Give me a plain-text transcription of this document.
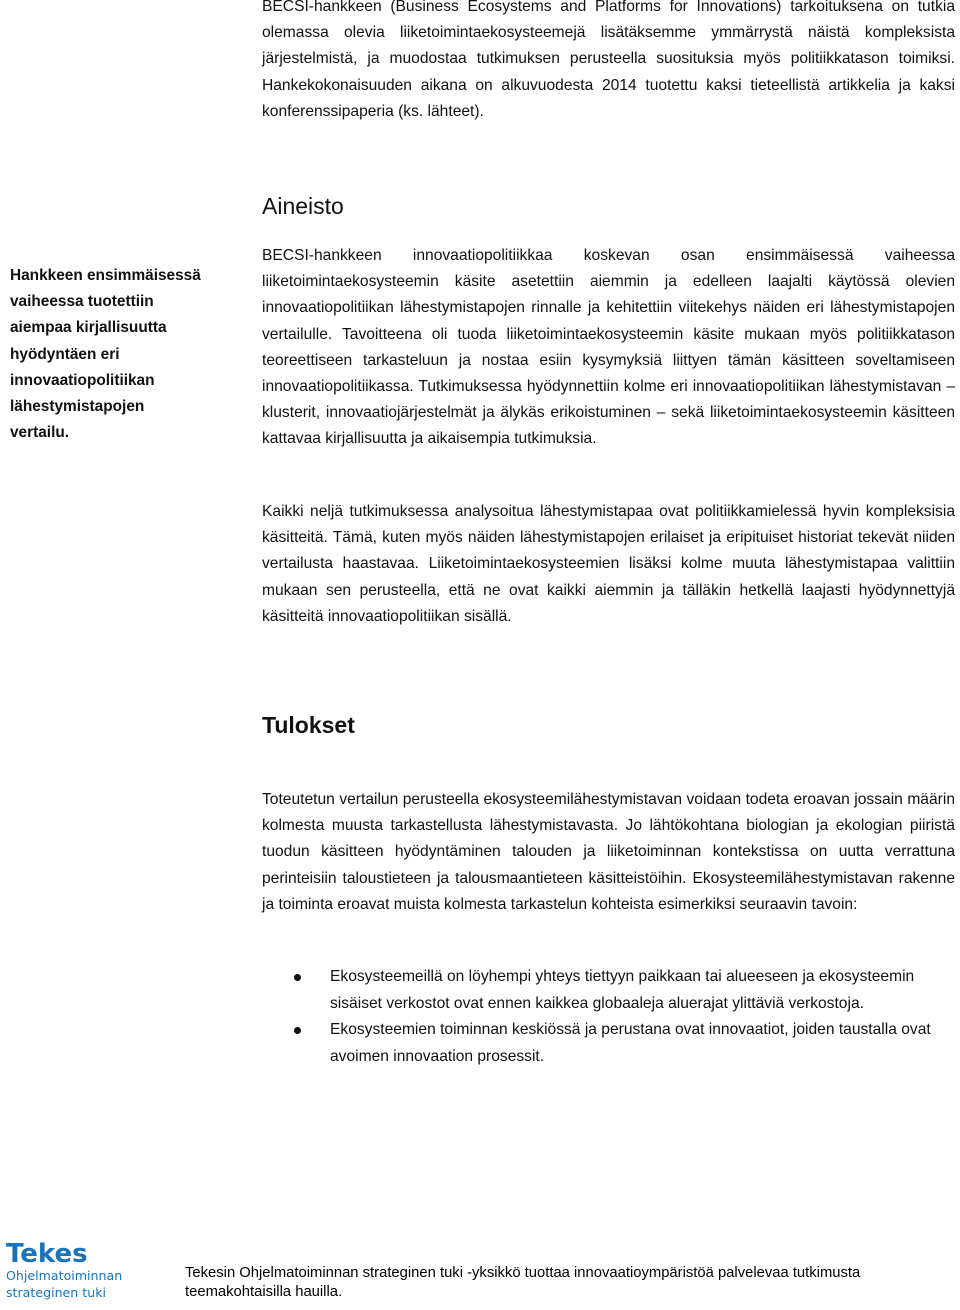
BECSI-hankkeen (Business Ecosystems and Platforms for Innovations) tarkoituksena on tutkia olemassa olevia liiketoimintaekosysteemejä lisätäksemme ymmärrystä näistä kompleksista järjestelmistä, ja muodostaa tutkimuksen perusteella suosituksia myös politiikkatason toimiksi. Hankekokonaisuuden aikana on alkuvuodesta 2014 tuotettu kaksi tieteellistä artikkelia ja kaksi konferenssipaperia (ks. lähteet).

Aineisto
Hankkeen ensimmäisessä vaiheessa tuotettiin aiempaa kirjallisuutta hyödyntäen eri innovaatiopolitiikan lähestymistapojen vertailu.

BECSI-hankkeen innovaatiopolitiikkaa koskevan osan ensimmäisessä vaiheessa liiketoimintaekosysteemin käsite asetettiin aiemmin ja edelleen laajalti käytössä olevien innovaatiopolitiikan lähestymistapojen rinnalle ja kehitettiin viitekehys näiden eri lähestymistapojen vertailulle. Tavoitteena oli tuoda liiketoimintaekosysteemin käsite mukaan myös politiikkatason teoreettiseen tarkasteluun ja nostaa esiin kysymyksiä liittyen tämän käsitteen soveltamiseen innovaatiopolitiikassa. Tutkimuksessa hyödynnettiin kolme eri innovaatiopolitiikan lähestymistavan – klusterit, innovaatiojärjestelmät ja älykäs erikoistuminen – sekä liiketoimintaekosysteemin käsitteen kattavaa kirjallisuutta ja aikaisempia tutkimuksia.

Kaikki neljä tutkimuksessa analysoitua lähestymistapaa ovat politiikkamielessä hyvin kompleksisia käsitteitä. Tämä, kuten myös näiden lähestymistapojen erilaiset ja eripituiset historiat tekevät niiden vertailusta haastavaa. Liiketoimintaekosysteemien lisäksi kolme muuta lähestymistapaa valittiin mukaan sen perusteella, että ne ovat kaikki aiemmin ja tälläkin hetkellä laajasti hyödynnettyjä käsitteitä innovaatiopolitiikan sisällä.

Tulokset

Toteutetun vertailun perusteella ekosysteemilähestymistavan voidaan todeta eroavan jossain määrin kolmesta muusta tarkastellusta lähestymistavasta. Jo lähtökohtana biologian ja ekologian piiristä tuodun käsitteen hyödyntäminen talouden ja liiketoiminnan kontekstissa on uutta verrattuna perinteisiin taloustieteen ja talousmaantieteen käsitteistöihin. Ekosysteemilähestymistavan rakenne ja toiminta eroavat muista kolmesta tarkastelun kohteista esimerkiksi seuraavin tavoin:

Ekosysteemeillä on löyhempi yhteys tiettyyn paikkaan tai alueeseen ja ekosysteemin sisäiset verkostot ovat ennen kaikkea globaaleja aluerajat ylittäviä verkostoja.
Ekosysteemien toiminnan keskiössä ja perustana ovat innovaatiot, joiden taustalla ovat avoimen innovaation prosessit.
Tekes
Ohjelmatoiminnan
strateginen tuki
Tekesin Ohjelmatoiminnan strateginen tuki -yksikkö tuottaa innovaatioympäristöä palvelevaa tutkimusta teemakohtaisilla hauilla.
